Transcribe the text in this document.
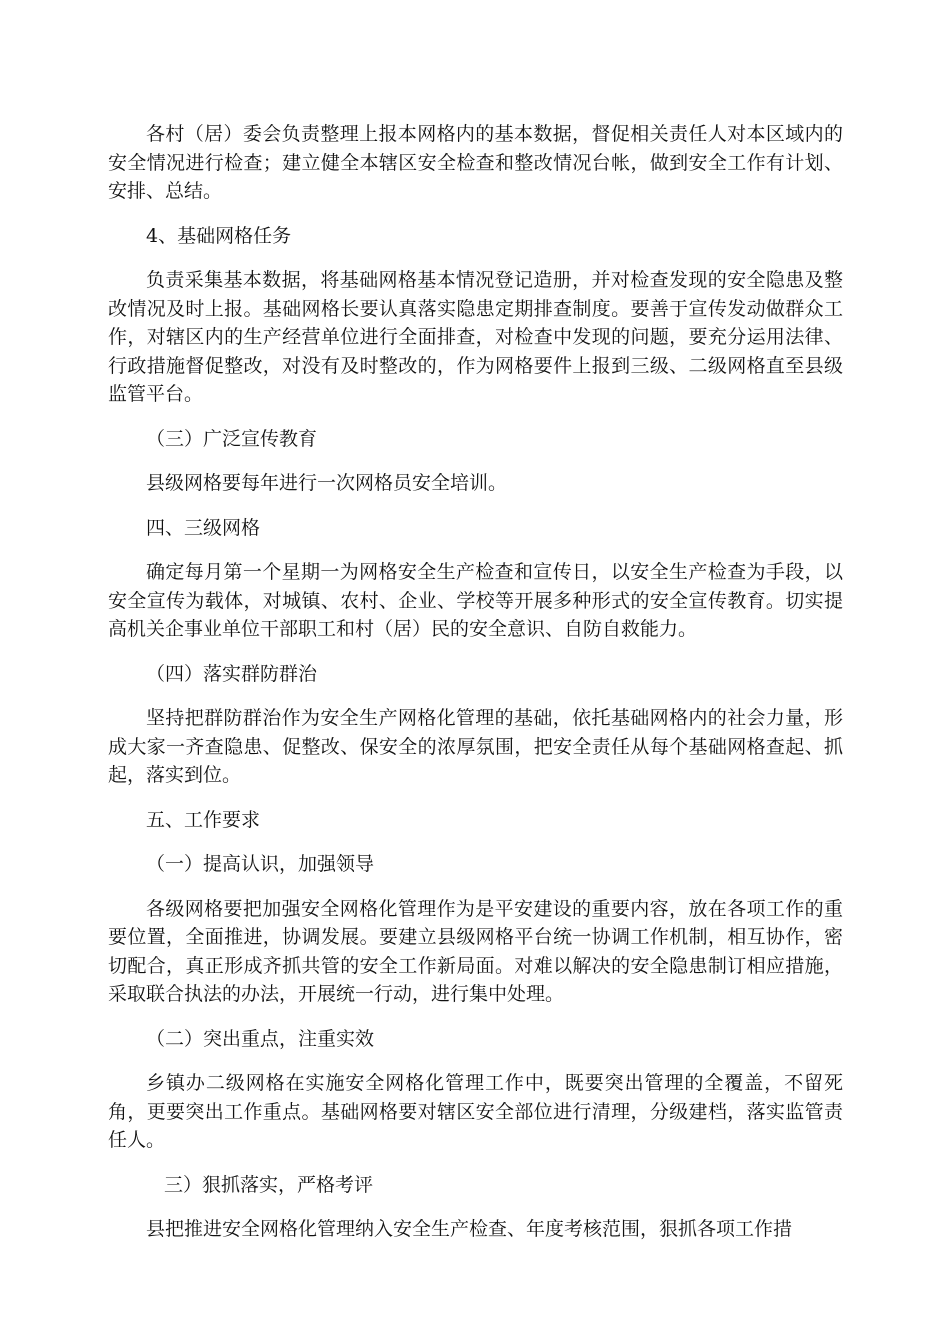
各村（居）委会负责整理上报本网格内的基本数据，督促相关责任人对本区域内的安全情况进行检查；建立健全本辖区安全检查和整改情况台帐，做到安全工作有计划、安排、总结。

4、基础网格任务

负责采集基本数据，将基础网格基本情况登记造册，并对检查发现的安全隐患及整改情况及时上报。基础网格长要认真落实隐患定期排查制度。要善于宣传发动做群众工作，对辖区内的生产经营单位进行全面排查，对检查中发现的问题，要充分运用法律、行政措施督促整改，对没有及时整改的，作为网格要件上报到三级、二级网格直至县级监管平台。

（三）广泛宣传教育

县级网格要每年进行一次网格员安全培训。

四、三级网格

确定每月第一个星期一为网格安全生产检查和宣传日，以安全生产检查为手段，以安全宣传为载体，对城镇、农村、企业、学校等开展多种形式的安全宣传教育。切实提高机关企事业单位干部职工和村（居）民的安全意识、自防自救能力。

（四）落实群防群治

坚持把群防群治作为安全生产网格化管理的基础，依托基础网格内的社会力量，形成大家一齐查隐患、促整改、保安全的浓厚氛围，把安全责任从每个基础网格查起、抓起，落实到位。

五、工作要求

（一）提高认识，加强领导

各级网格要把加强安全网格化管理作为是平安建设的重要内容，放在各项工作的重要位置，全面推进，协调发展。要建立县级网格平台统一协调工作机制，相互协作，密切配合，真正形成齐抓共管的安全工作新局面。对难以解决的安全隐患制订相应措施，采取联合执法的办法，开展统一行动，进行集中处理。

（二）突出重点，注重实效

乡镇办二级网格在实施安全网格化管理工作中，既要突出管理的全覆盖，不留死角，更要突出工作重点。基础网格要对辖区安全部位进行清理，分级建档，落实监管责任人。

三）狠抓落实，严格考评

县把推进安全网格化管理纳入安全生产检查、年度考核范围，狠抓各项工作措
